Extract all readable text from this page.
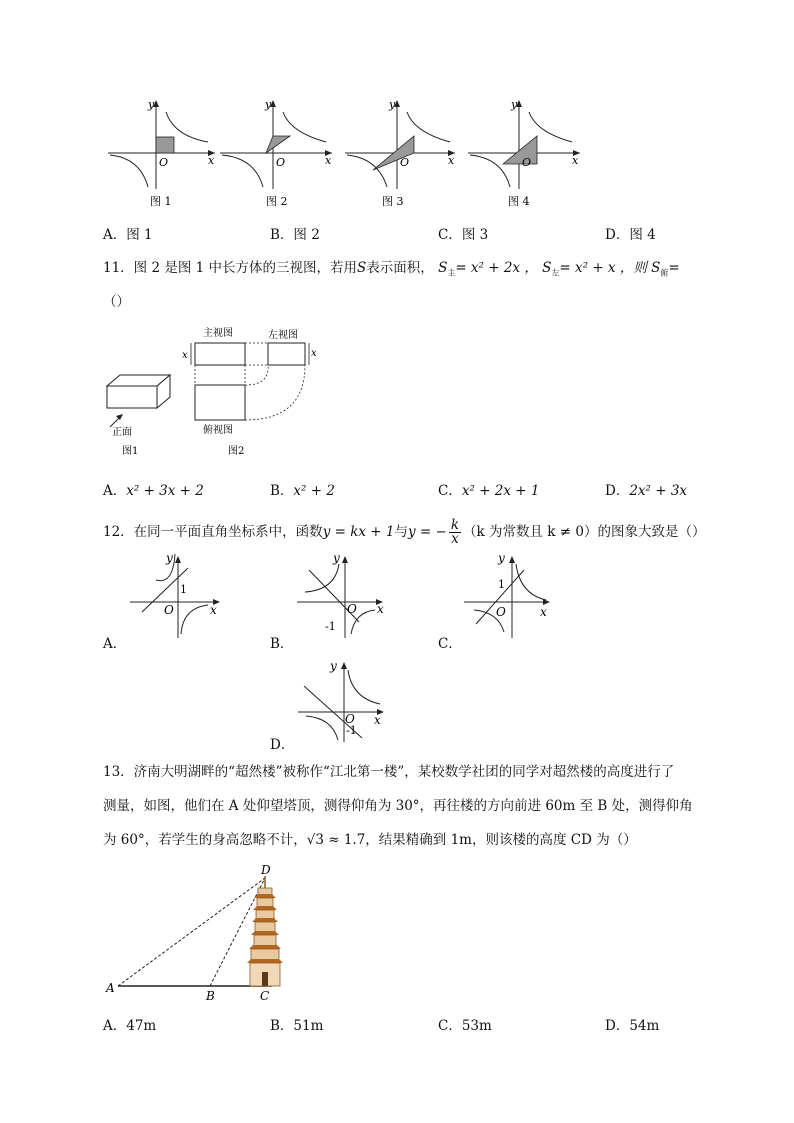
y
x
O
图 1
y
x
O
图 2
y
x
O
图 3
y
x
O
图 4
A．图 1	B．图 2	C．图 3	D．图 4
11．图 2 是图 1 中长方体的三视图，若用S表示面积， $S_主= x^2 + 2x$ ， $S_左= x^2 + x$ ，则 $S_俯=$
（）
正面
图1
主视图
x
左视图
x
俯视图
图2
A．x² + 3x + 2	B．x² + 2	C．x² + 2x + 1	D．2x² + 3x
12．在同一平面直角坐标系中，函数y = kx + 1与y = − $\frac{k}{x} (k$ 为常数且 k ≠ 0）的图象大致是（）
y
x
O
1
A．
y
x
O
-1
B．
y
x
O
1
C．
y
x
O
-1
D．
13．济南大明湖畔的“超然楼”被称作“江北第一楼”，某校数学社团的同学对超然楼的高度进行了
测量，如图，他们在 A 处仰望塔顶，测得仰角为 30°，再往楼的方向前进 60m 至 B 处，测得仰角
为 60°，若学生的身高忽略不计，√3 ≈ 1.7，结果精确到 1m，则该楼的高度 CD 为（）
A
B	C
D
A．47m	B．51m	C．53m	D．54m
